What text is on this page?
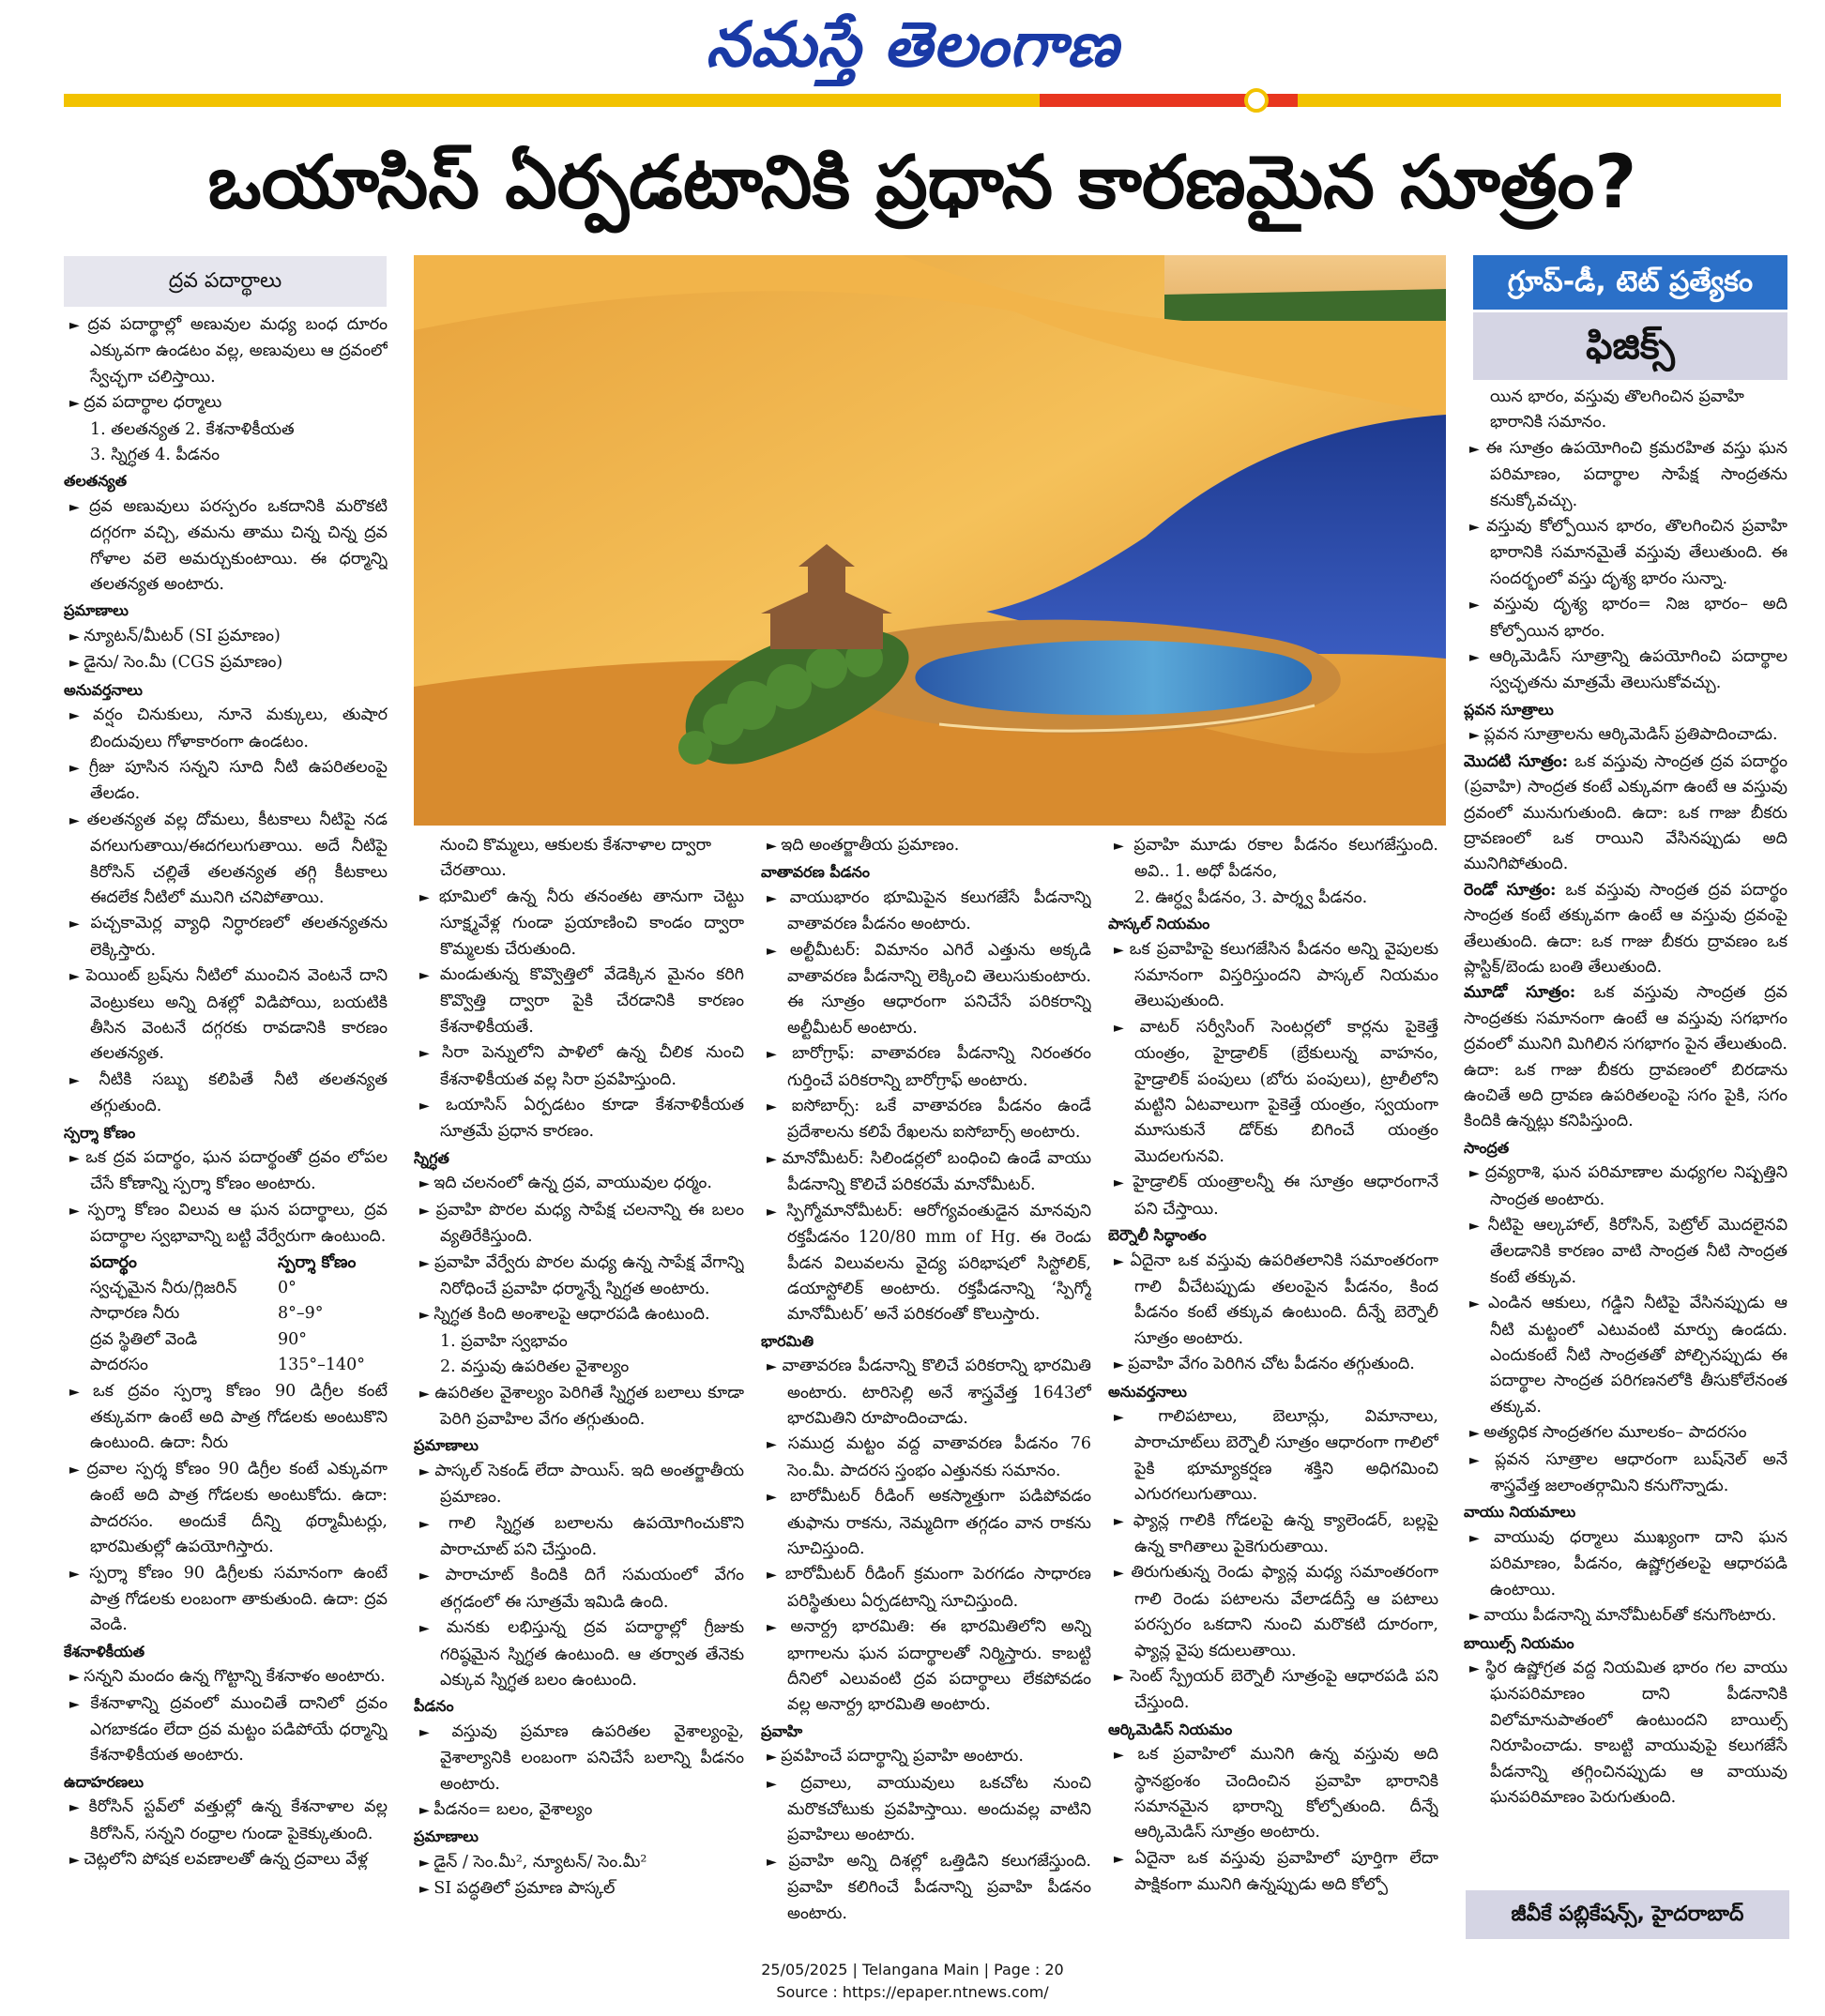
నమస్తే తెలంగాణ
ఒయాసిస్ ఏర్పడటానికి ప్రధాన కారణమైన సూత్రం?
ద్రవ పదార్థాలు	గ్రూప్-డీ, టెట్ ప్రత్యేకం
ఫిజిక్స్

► ద్రవ పదార్థాల్లో అణువుల మధ్య బంధ దూరం ఎక్కువగా ఉండటం వల్ల, అణువులు ఆ ద్రవంలో స్వేచ్ఛగా చలిస్తాయి.

► ద్రవ పదార్థాల ధర్మాలు

1. తలతన్యత 2. కేశనాళికీయత

3. స్నిగ్ధత 4. పీడనం

తలతన్యత

► ద్రవ అణువులు పరస్పరం ఒకదానికి మరొకటి దగ్గరగా వచ్చి, తమను తాము చిన్న చిన్న ద్రవ గోళాల వలె అమర్చుకుంటాయి. ఈ ధర్మాన్ని తలతన్యత అంటారు.

ప్రమాణాలు

► న్యూటన్/మీటర్ (SI ప్రమాణం)

► డైను/ సెం.మీ (CGS ప్రమాణం)

అనువర్తనాలు

► వర్షం చినుకులు, నూనె మక్కులు, తుషార బిందువులు గోళాకారంగా ఉండటం.

► గ్రీజు పూసిన సన్నని సూది నీటి ఉపరితలంపై తేలడం.

► తలతన్యత వల్ల దోమలు, కీటకాలు నీటిపై నడ వగలుగుతాయి/ఈదగలుగుతాయి. అదే నీటిపై కిరోసిన్ చల్లితే తలతన్యత తగ్గి కీటకాలు ఈదలేక నీటిలో మునిగి చనిపోతాయి.

► పచ్చకామెర్ల వ్యాధి నిర్ధారణలో తలతన్యతను లెక్కిస్తారు.

► పెయింట్ బ్రష్‌ను నీటిలో ముంచిన వెంటనే దాని వెంట్రుకలు అన్ని దిశల్లో విడిపోయి, బయటికి తీసిన వెంటనే దగ్గరకు రావడానికి కారణం తలతన్యత.

► నీటికి సబ్బు కలిపితే నీటి తలతన్యత తగ్గుతుంది.

స్పర్శా కోణం

► ఒక ద్రవ పదార్థం, ఘన పదార్థంతో ద్రవం లోపల చేసే కోణాన్ని స్పర్శా కోణం అంటారు.

► స్పర్శా కోణం విలువ ఆ ఘన పదార్థాలు, ద్రవ పదార్థాల స్వభావాన్ని బట్టి వేర్వేరుగా ఉంటుంది.

పదార్థం	స్పర్శా కోణం

స్వచ్ఛమైన నీరు/గ్లిజరిన్	0°

సాధారణ నీరు	8°–9°

ద్రవ స్థితిలో వెండి	90°

పాదరసం	135°–140°

► ఒక ద్రవం స్పర్శా కోణం 90 డిగ్రీల కంటే తక్కువగా ఉంటే అది పాత్ర గోడలకు అంటుకొని ఉంటుంది. ఉదా: నీరు

► ద్రవాల స్పర్శ కోణం 90 డిగ్రీల కంటే ఎక్కువగా ఉంటే అది పాత్ర గోడలకు అంటుకోదు. ఉదా: పాదరసం. అందుకే దీన్ని థర్మామీటర్లు, భారమితుల్లో ఉపయోగిస్తారు.

► స్పర్శా కోణం 90 డిగ్రీలకు సమానంగా ఉంటే పాత్ర గోడలకు లంబంగా తాకుతుంది. ఉదా: ద్రవ వెండి.

కేశనాళికీయత

► సన్నని మందం ఉన్న గొట్టాన్ని కేశనాళం అంటారు.

► కేశనాళాన్ని ద్రవంలో ముంచితే దానిలో ద్రవం ఎగబాకడం లేదా ద్రవ మట్టం పడిపోయే ధర్మాన్ని కేశనాళికీయత అంటారు.

ఉదాహరణలు

► కిరోసిన్ స్టవ్‌లో వత్తుల్లో ఉన్న కేశనాళాల వల్ల కిరోసిన్, సన్నని రంధ్రాల గుండా పైకెక్కుతుంది.

► చెట్లలోని పోషక లవణాలతో ఉన్న ద్రవాలు వేళ్ల

నుంచి కొమ్మలు, ఆకులకు కేశనాళాల ద్వారా చేరతాయి.

► భూమిలో ఉన్న నీరు తనంతట తానుగా చెట్టు సూక్ష్మవేళ్ల గుండా ప్రయాణించి కాండం ద్వారా కొమ్మలకు చేరుతుంది.

► మండుతున్న కొవ్వొత్తిలో వేడెక్కిన మైనం కరిగి కొవ్వొత్తి ద్వారా పైకి చేరడానికి కారణం కేశనాళికీయతే.

► సిరా పెన్నులోని పాళిలో ఉన్న చీలిక నుంచి కేశనాళికీయత వల్ల సిరా ప్రవహిస్తుంది.

► ఒయాసిస్ ఏర్పడటం కూడా కేశనాళికీయత సూత్రమే ప్రధాన కారణం.

స్నిగ్ధత

► ఇది చలనంలో ఉన్న ద్రవ, వాయువుల ధర్మం.

► ప్రవాహి పొరల మధ్య సాపేక్ష చలనాన్ని ఈ బలం వ్యతిరేకిస్తుంది.

► ప్రవాహి వేర్వేరు పొరల మధ్య ఉన్న సాపేక్ష వేగాన్ని నిరోధించే ప్రవాహి ధర్మాన్నే స్నిగ్ధత అంటారు.

► స్నిగ్ధత కింది అంశాలపై ఆధారపడి ఉంటుంది.

1. ప్రవాహి స్వభావం

2. వస్తువు ఉపరితల వైశాల్యం

► ఉపరితల వైశాల్యం పెరిగితే స్నిగ్ధత బలాలు కూడా పెరిగి ప్రవాహిల వేగం తగ్గుతుంది.

ప్రమాణాలు

► పాస్కల్ సెకండ్ లేదా పాయిస్. ఇది అంతర్జాతీయ ప్రమాణం.

► గాలి స్నిగ్ధత బలాలను ఉపయోగించుకొని పారాచూట్ పని చేస్తుంది.

► పారాచూట్ కిందికి దిగే సమయంలో వేగం తగ్గడంలో ఈ సూత్రమే ఇమిడి ఉంది.

► మనకు లభిస్తున్న ద్రవ పదార్థాల్లో గ్రీజుకు గరిష్ఠమైన స్నిగ్ధత ఉంటుంది. ఆ తర్వాత తేనెకు ఎక్కువ స్నిగ్ధత బలం ఉంటుంది.

పీడనం

► వస్తువు ప్రమాణ ఉపరితల వైశాల్యంపై, వైశాల్యానికి లంబంగా పనిచేసే బలాన్ని పీడనం అంటారు.

► పీడనం= బలం, వైశాల్యం

ప్రమాణాలు

► డైన్ / సెం.మీ², న్యూటన్/ సెం.మీ²

► SI పద్ధతిలో ప్రమాణ పాస్కల్

► ఇది అంతర్జాతీయ ప్రమాణం.

వాతావరణ పీడనం

► వాయుభారం భూమిపైన కలుగజేసే పీడనాన్ని వాతావరణ పీడనం అంటారు.

► అల్టీమీటర్: విమానం ఎగిరే ఎత్తును అక్కడి వాతావరణ పీడనాన్ని లెక్కించి తెలుసుకుంటారు. ఈ సూత్రం ఆధారంగా పనిచేసే పరికరాన్ని అల్టీమీటర్ అంటారు.

► బారోగ్రాఫ్: వాతావరణ పీడనాన్ని నిరంతరం గుర్తించే పరికరాన్ని బారోగ్రాఫ్ అంటారు.

► ఐసోబార్స్: ఒకే వాతావరణ పీడనం ఉండే ప్రదేశాలను కలిపే రేఖలను ఐసోబార్స్ అంటారు.

► మానోమీటర్: సిలిండర్లలో బంధించి ఉండే వాయు పీడనాన్ని కొలిచే పరికరమే మానోమీటర్.

► స్పిగ్మోమానోమీటర్: ఆరోగ్యవంతుడైన మానవుని రక్తపీడనం 120/80 mm of Hg. ఈ రెండు పీడన విలువలను వైద్య పరిభాషలో సిస్టోలిక్, డయాస్టోలిక్ అంటారు. రక్తపీడనాన్ని ‘స్పిగ్మో మానోమీటర్’ అనే పరికరంతో కొలుస్తారు.

భారమితి

► వాతావరణ పీడనాన్ని కొలిచే పరికరాన్ని భారమితి అంటారు. టారిసెల్లి అనే శాస్త్రవేత్త 1643లో భారమితిని రూపొందించాడు.

► సముద్ర మట్టం వద్ద వాతావరణ పీడనం 76 సెం.మీ. పాదరస స్తంభం ఎత్తునకు సమానం.

► బారోమీటర్ రీడింగ్ అకస్మాత్తుగా పడిపోవడం తుఫాను రాకను, నెమ్మదిగా తగ్గడం వాన రాకను సూచిస్తుంది.

► బారోమీటర్ రీడింగ్ క్రమంగా పెరగడం సాధారణ పరిస్థితులు ఏర్పడటాన్ని సూచిస్తుంది.

► అనార్ద్ర భారమితి: ఈ భారమితిలోని అన్ని భాగాలను ఘన పదార్థాలతో నిర్మిస్తారు. కాబట్టి దీనిలో ఎలువంటి ద్రవ పదార్థాలు లేకపోవడం వల్ల అనార్ద్ర భారమితి అంటారు.

ప్రవాహి

► ప్రవహించే పదార్థాన్ని ప్రవాహి అంటారు.

► ద్రవాలు, వాయువులు ఒకచోట నుంచి మరొకచోటుకు ప్రవహిస్తాయి. అందువల్ల వాటిని ప్రవాహిలు అంటారు.

► ప్రవాహి అన్ని దిశల్లో ఒత్తిడిని కలుగజేస్తుంది. ప్రవాహి కలిగించే పీడనాన్ని ప్రవాహి పీడనం అంటారు.

► ప్రవాహి మూడు రకాల పీడనం కలుగజేస్తుంది. అవి.. 1. అధో పీడనం,

2. ఊర్ధ్వ పీడనం, 3. పార్శ్వ పీడనం.

పాస్కల్ నియమం

► ఒక ప్రవాహిపై కలుగజేసిన పీడనం అన్ని వైపులకు సమానంగా విస్తరిస్తుందని పాస్కల్ నియమం తెలుపుతుంది.

► వాటర్ సర్వీసింగ్ సెంటర్లలో కార్లను పైకెత్తే యంత్రం, హైడ్రాలిక్ (బ్రేకులున్న వాహనం, హైడ్రాలిక్ పంపులు (బోరు పంపులు), ట్రాలీలోని మట్టిని ఏటవాలుగా పైకెత్తే యంత్రం, స్వయంగా మూసుకునే డోర్‌కు బిగించే యంత్రం మొదలగునవి.

► హైడ్రాలిక్ యంత్రాలన్నీ ఈ సూత్రం ఆధారంగానే పని చేస్తాయి.

బెర్నౌలీ సిద్ధాంతం

► ఏదైనా ఒక వస్తువు ఉపరితలానికి సమాంతరంగా గాలి వీచేటప్పుడు తలంపైన పీడనం, కింద పీడనం కంటే తక్కువ ఉంటుంది. దీన్నే బెర్నౌలీ సూత్రం అంటారు.

► ప్రవాహి వేగం పెరిగిన చోట పీడనం తగ్గుతుంది.

అనువర్తనాలు

► గాలిపటాలు, బెలూన్లు, విమానాలు, పారాచూట్‌లు బెర్నౌలీ సూత్రం ఆధారంగా గాలిలో పైకి భూమ్యాకర్షణ శక్తిని అధిగమించి ఎగురగలుగుతాయి.

► ఫ్యాన్ల గాలికి గోడలపై ఉన్న క్యాలెండర్, బల్లపై ఉన్న కాగితాలు పైకెగురుతాయి.

► తిరుగుతున్న రెండు ఫ్యాన్ల మధ్య సమాంతరంగా గాలి రెండు పటాలను వేలాడదీస్తే ఆ పటాలు పరస్పరం ఒకదాని నుంచి మరొకటి దూరంగా, ఫ్యాన్ల వైపు కదులుతాయి.

► సెంట్ స్ప్రేయర్ బెర్నౌలీ సూత్రంపై ఆధారపడి పని చేస్తుంది.

ఆర్కిమెడిస్ నియమం

► ఒక ప్రవాహిలో మునిగి ఉన్న వస్తువు అది స్థానభ్రంశం చెందించిన ప్రవాహి భారానికి సమానమైన భారాన్ని కోల్పోతుంది. దీన్నే ఆర్కిమెడిస్ సూత్రం అంటారు.

► ఏదైనా ఒక వస్తువు ప్రవాహిలో పూర్తిగా లేదా పాక్షికంగా మునిగి ఉన్నప్పుడు అది కోల్పో

యిన భారం, వస్తువు తొలగించిన ప్రవాహి భారానికి సమానం.

► ఈ సూత్రం ఉపయోగించి క్రమరహిత వస్తు ఘన పరిమాణం, పదార్థాల సాపేక్ష సాంద్రతను కనుక్కోవచ్చు.

► వస్తువు కోల్పోయిన భారం, తొలగించిన ప్రవాహి భారానికి సమానమైతే వస్తువు తేలుతుంది. ఈ సందర్భంలో వస్తు దృశ్య భారం సున్నా.

► వస్తువు దృశ్య భారం= నిజ భారం– అది కోల్పోయిన భారం.

► ఆర్కిమెడిస్ సూత్రాన్ని ఉపయోగించి పదార్థాల స్వచ్ఛతను మాత్రమే తెలుసుకోవచ్చు.

ప్లవన సూత్రాలు

► ప్లవన సూత్రాలను ఆర్కిమెడిస్ ప్రతిపాదించాడు.

మొదటి సూత్రం: ఒక వస్తువు సాంద్రత ద్రవ పదార్థం (ప్రవాహి) సాంద్రత కంటే ఎక్కువగా ఉంటే ఆ వస్తువు ద్రవంలో మునుగుతుంది. ఉదా: ఒక గాజు బీకరు ద్రావణంలో ఒక రాయిని వేసినప్పుడు అది మునిగిపోతుంది.

రెండో సూత్రం: ఒక వస్తువు సాంద్రత ద్రవ పదార్థం సాంద్రత కంటే తక్కువగా ఉంటే ఆ వస్తువు ద్రవంపై తేలుతుంది. ఉదా: ఒక గాజు బీకరు ద్రావణం ఒక ప్లాస్టిక్/బెండు బంతి తేలుతుంది.

మూడో సూత్రం: ఒక వస్తువు సాంద్రత ద్రవ సాంద్రతకు సమానంగా ఉంటే ఆ వస్తువు సగభాగం ద్రవంలో మునిగి మిగిలిన సగభాగం పైన తేలుతుంది. ఉదా: ఒక గాజు బీకరు ద్రావణంలో బిరడాను ఉంచితే అది ద్రావణ ఉపరితలంపై సగం పైకి, సగం కిందికి ఉన్నట్లు కనిపిస్తుంది.

సాంద్రత

► ద్రవ్యరాశి, ఘన పరిమాణాల మధ్యగల నిష్పత్తిని సాంద్రత అంటారు.

► నీటిపై ఆల్కహాల్, కిరోసిన్, పెట్రోల్ మొదలైనవి తేలడానికి కారణం వాటి సాంద్రత నీటి సాంద్రత కంటే తక్కువ.

► ఎండిన ఆకులు, గడ్డిని నీటిపై వేసినప్పుడు ఆ నీటి మట్టంలో ఎటువంటి మార్పు ఉండదు. ఎందుకంటే నీటి సాంద్రతతో పోల్చినప్పుడు ఈ పదార్థాల సాంద్రత పరిగణనలోకి తీసుకోలేనంత తక్కువ.

► అత్యధిక సాంద్రతగల మూలకం– పాదరసం

► ప్లవన సూత్రాల ఆధారంగా బుష్‌నెల్ అనే శాస్త్రవేత్త జలాంతర్గామిని కనుగొన్నాడు.

వాయు నియమాలు

► వాయువు ధర్మాలు ముఖ్యంగా దాని ఘన పరిమాణం, పీడనం, ఉష్ణోగ్రతలపై ఆధారపడి ఉంటాయి.

► వాయు పీడనాన్ని మానోమీటర్‌తో కనుగొంటారు.

బాయిల్స్ నియమం

► స్థిర ఉష్ణోగ్రత వద్ద నియమిత భారం గల వాయు ఘనపరిమాణం దాని పీడనానికి విలోమానుపాతంలో ఉంటుందని బాయిల్స్ నిరూపించాడు. కాబట్టి వాయువుపై కలుగజేసే పీడనాన్ని తగ్గించినప్పుడు ఆ వాయువు ఘనపరిమాణం పెరుగుతుంది.

జీవీకే పబ్లికేషన్స్, హైదరాబాద్
25/05/2025 | Telangana Main | Page : 20
Source : https://epaper.ntnews.com/
